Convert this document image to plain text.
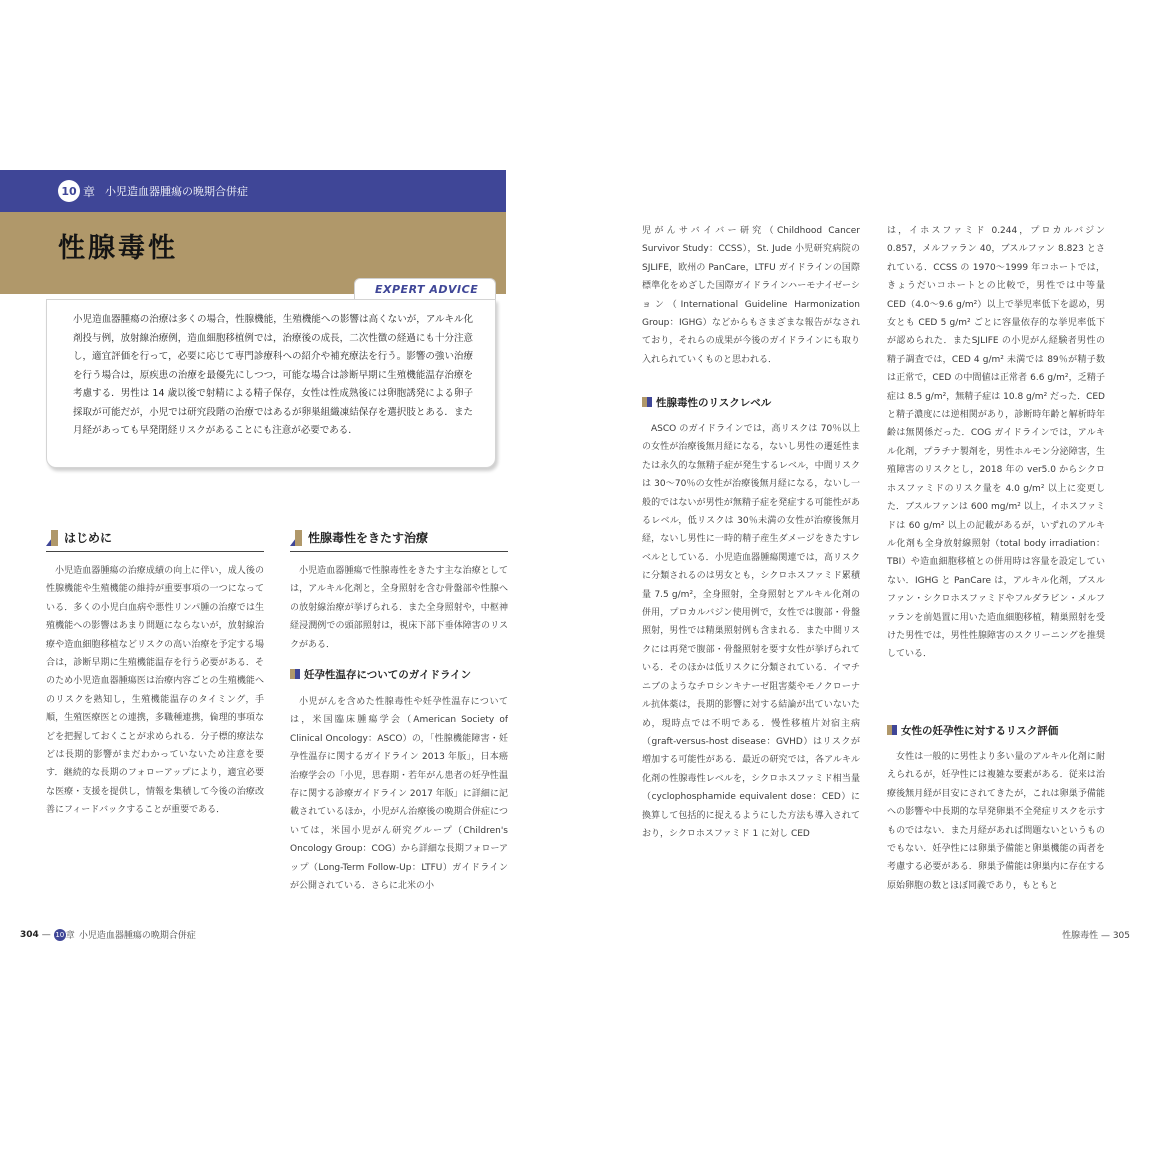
10 章 小児造血器腫瘍の晩期合併症
性腺毒性
EXPERT ADVICE
小児造血器腫瘍の治療は多くの場合，性腺機能，生殖機能への影響は高くないが，アルキル化剤投与例，放射線治療例，造血細胞移植例では，治療後の成長，二次性徴の経過にも十分注意し，適宜評価を行って，必要に応じて専門診療科への紹介や補充療法を行う。影響の強い治療を行う場合は，原疾患の治療を最優先にしつつ，可能な場合は診断早期に生殖機能温存治療を考慮する．男性は 14 歳以後で射精による精子保存，女性は性成熟後には卵胞誘発による卵子採取が可能だが，小児では研究段階の治療ではあるが卵巣組織凍結保存を選択肢とある．また月経があっても早発閉経リスクがあることにも注意が必要である．
はじめに
小児造血器腫瘍の治療成績の向上に伴い，成人後の性腺機能や生殖機能の維持が重要事項の一つになっている．多くの小児白血病や悪性リンパ腫の治療では生殖機能への影響はあまり問題にならないが，放射線治療や造血細胞移植などリスクの高い治療を予定する場合は，診断早期に生殖機能温存を行う必要がある．そのため小児造血器腫瘍医は治療内容ごとの生殖機能へのリスクを熟知し，生殖機能温存のタイミング，手順，生殖医療医との連携，多職種連携，倫理的事項などを把握しておくことが求められる．分子標的療法などは長期的影響がまだわかっていないため注意を要す．継続的な長期のフォローアップにより，適宜必要な医療・支援を提供し，情報を集積して今後の治療改善にフィードバックすることが重要である．
性腺毒性をきたす治療
小児造血器腫瘍で性腺毒性をきたす主な治療としては，アルキル化剤と，全身照射を含む骨盤部や性腺への放射線治療が挙げられる．また全身照射や，中枢神経浸潤例での頭部照射は，視床下部下垂体障害のリスクがある．
妊孕性温存についてのガイドライン
小児がんを含めた性腺毒性や妊孕性温存については，米国臨床腫瘍学会（American Society of Clinical Oncology：ASCO）の，「性腺機能障害・妊孕性温存に関するガイドライン 2013 年版」，日本癌治療学会の「小児，思春期・若年がん患者の妊孕性温存に関する診療ガイドライン 2017 年版」に詳細に記載されているほか，小児がん治療後の晩期合併症については，米国小児がん研究グループ（Children's Oncology Group：COG）から詳細な長期フォローアップ（Long-Term Follow-Up：LTFU）ガイドラインが公開されている．さらに北米の小
304 — 10 章 小児造血器腫瘍の晩期合併症
児がんサバイバー研究（Childhood Cancer Survivor Study：CCSS），St. Jude 小児研究病院の SJLIFE，欧州の PanCare，LTFU ガイドラインの国際標準化をめざした国際ガイドラインハーモナイゼーション（International Guideline Harmonization Group：IGHG）などからもさまざまな報告がなされており，それらの成果が今後のガイドラインにも取り入れられていくものと思われる．
性腺毒性のリスクレベル
ASCO のガイドラインでは，高リスクは 70％以上の女性が治療後無月経になる，ないし男性の遷延性または永久的な無精子症が発生するレベル，中間リスクは 30〜70％の女性が治療後無月経になる，ないし一般的ではないが男性が無精子症を発症する可能性があるレベル，低リスクは 30％未満の女性が治療後無月経，ないし男性に一時的精子産生ダメージをきたすレベルとしている．小児造血器腫瘍関連では，高リスクに分類されるのは男女とも，シクロホスファミド累積量 7.5 g/m²，全身照射，全身照射とアルキル化剤の併用，プロカルバジン使用例で，女性では腹部・骨盤照射，男性では精巣照射例も含まれる．また中間リスクには再発で腹部・骨盤照射を要す女性が挙げられている．そのほかは低リスクに分類されている．イマチニブのようなチロシンキナーゼ阻害薬やモノクローナル抗体薬は，長期的影響に対する結論が出ていないため，現時点では不明である．慢性移植片対宿主病（graft-versus-host disease：GVHD）はリスクが増加する可能性がある．最近の研究では，各アルキル化剤の性腺毒性レベルを，シクロホスファミド相当量（cyclophosphamide equivalent dose：CED）に換算して包括的に捉えるようにした方法も導入されており，シクロホスファミド 1 に対し CED
は，イホスファミド 0.244，プロカルバジン 0.857，メルファラン 40，ブスルファン 8.823 とされている．CCSS の 1970〜1999 年コホートでは，きょうだいコホートとの比較で，男性では中等量 CED（4.0〜9.6 g/m²）以上で挙児率低下を認め，男女とも CED 5 g/m² ごとに容量依存的な挙児率低下が認められた．またSJLIFE の小児がん経験者男性の精子調査では，CED 4 g/m² 未満では 89％が精子数は正常で，CED の中間値は正常者 6.6 g/m²，乏精子症は 8.5 g/m²，無精子症は 10.8 g/m² だった．CED と精子濃度には逆相関があり，診断時年齢と解析時年齢は無関係だった．COG ガイドラインでは，アルキル化剤，プラチナ製剤を，男性ホルモン分泌障害，生殖障害のリスクとし，2018 年の ver5.0 からシクロホスファミドのリスク量を 4.0 g/m² 以上に変更した．ブスルファンは 600 mg/m² 以上，イホスファミドは 60 g/m² 以上の記載があるが，いずれのアルキル化剤も全身放射線照射（total body irradiation：TBI）や造血細胞移植との併用時は容量を設定していない．IGHG と PanCare は，アルキル化剤，ブスルファン・シクロホスファミドやフルダラビン・メルファランを前処置に用いた造血細胞移植，精巣照射を受けた男性では，男性性腺障害のスクリーニングを推奨している．
女性の妊孕性に対するリスク評価
女性は一般的に男性より多い量のアルキル化剤に耐えられるが，妊孕性には複雑な要素がある．従来は治療後無月経が目安にされてきたが，これは卵巣予備能への影響や中長期的な早発卵巣不全発症リスクを示すものではない．また月経があれば問題ないというものでもない．妊孕性には卵巣予備能と卵巣機能の両者を考慮する必要がある．卵巣予備能は卵巣内に存在する原始卵胞の数とほぼ同義であり，もともと
性腺毒性 — 305
